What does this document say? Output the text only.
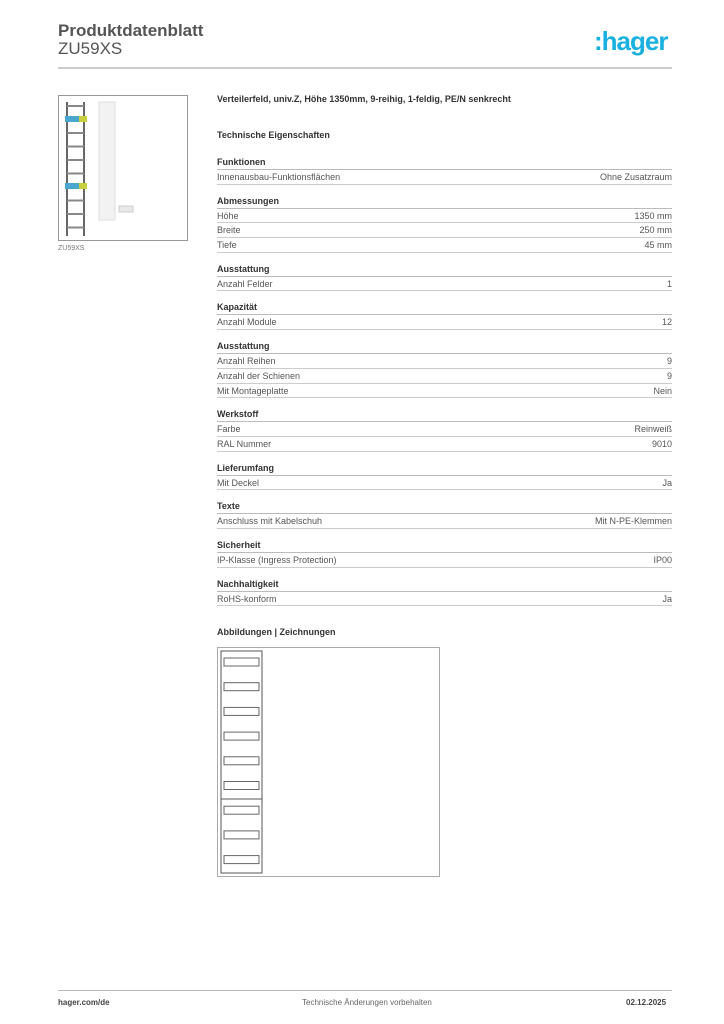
Produktdatenblatt
ZU59XS	:hager
ZU59XS
Verteilerfeld, univ.Z, Höhe 1350mm, 9-reihig, 1-feldig, PE/N senkrecht
Technische Eigenschaften
Funktionen
Innenausbau-Funktionsflächen	Ohne Zusatzraum
Abmessungen
Höhe	1350 mm
Breite	250 mm
Tiefe	45 mm
Ausstattung
Anzahl Felder	1
Kapazität
Anzahl Module	12
Ausstattung
Anzahl Reihen	9
Anzahl der Schienen	9
Mit Montageplatte	Nein
Werkstoff
Farbe	Reinweiß
RAL Nummer	9010
Lieferumfang
Mit Deckel	Ja
Texte
Anschluss mit Kabelschuh	Mit N-PE-Klemmen
Sicherheit
IP-Klasse (Ingress Protection)	IP00
Nachhaltigkeit
RoHS-konform	Ja
Abbildungen | Zeichnungen
hager.com/de	Technische Änderungen vorbehalten	02.12.2025
